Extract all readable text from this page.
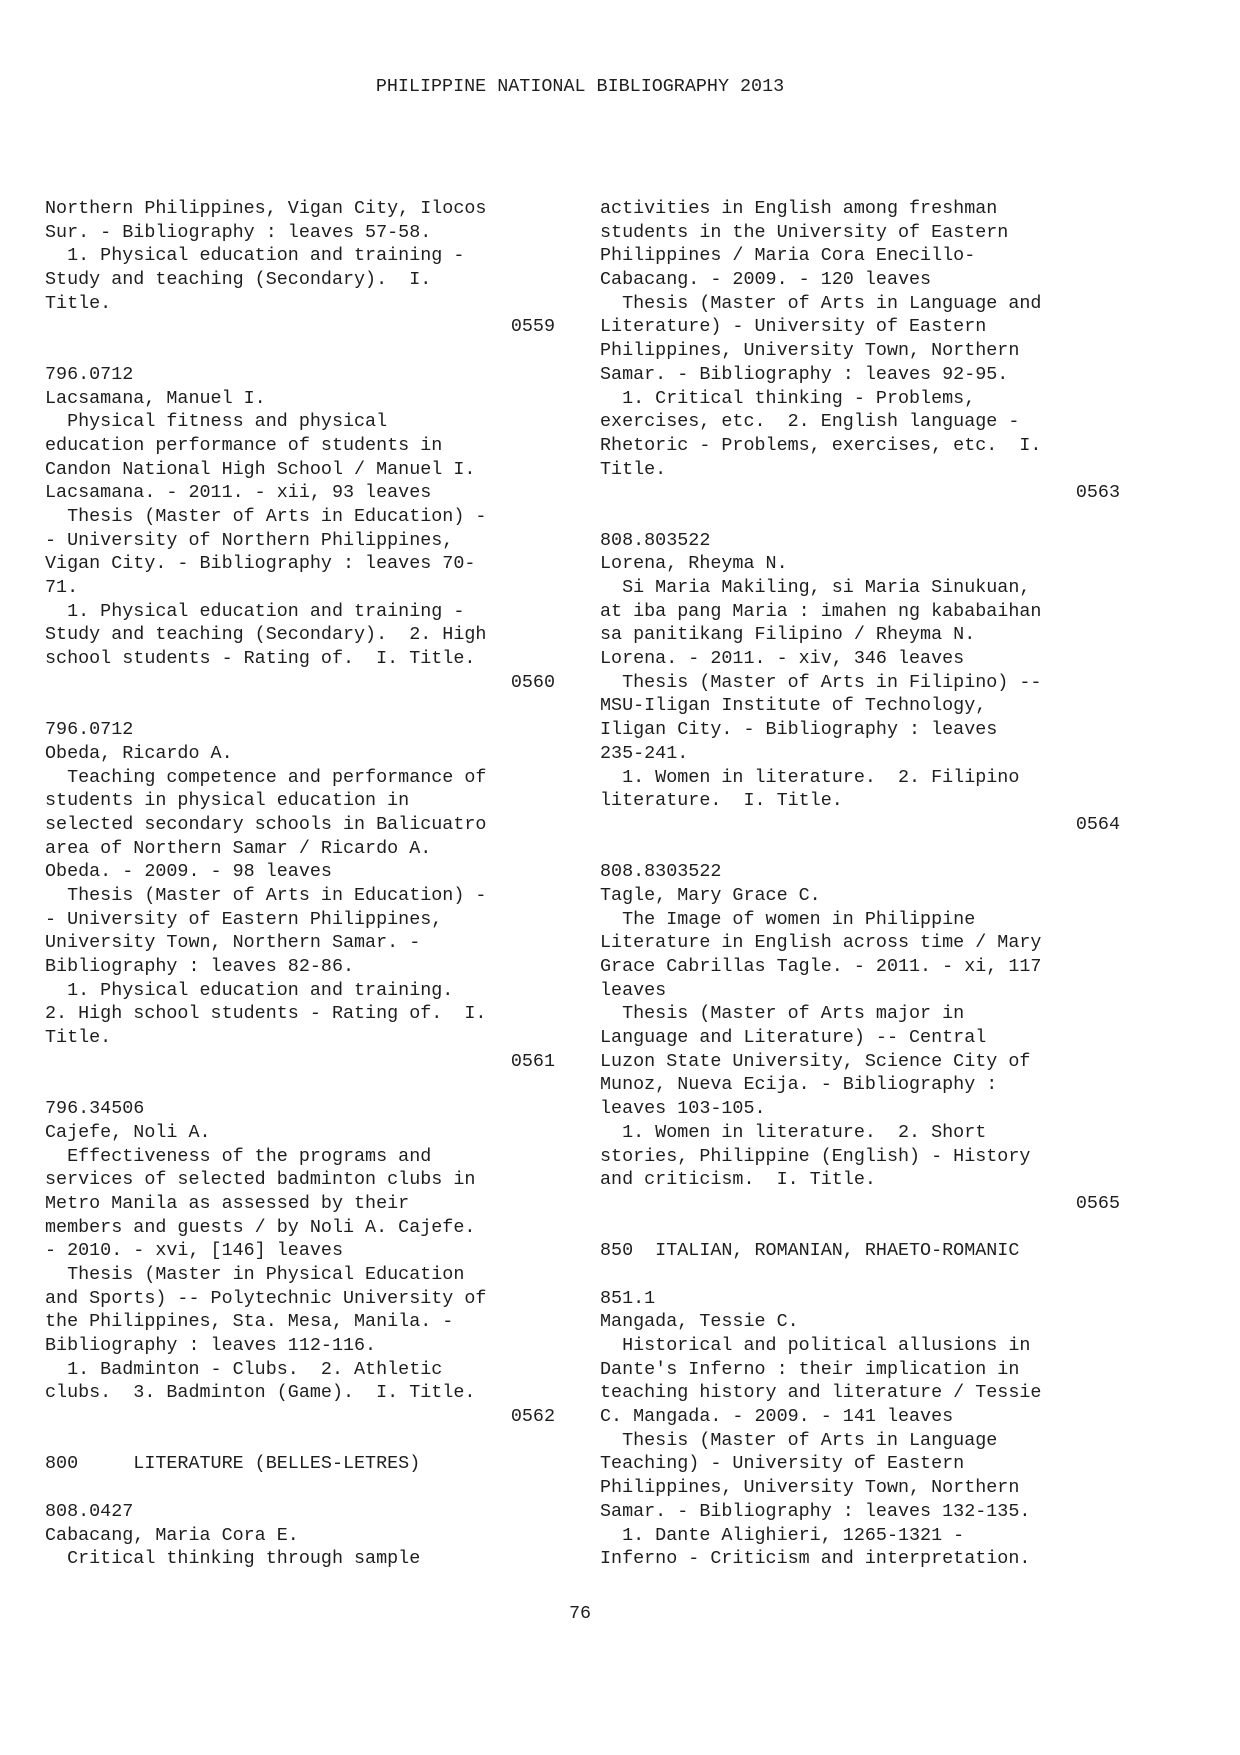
PHILIPPINE NATIONAL BIBLIOGRAPHY 2013
Northern Philippines, Vigan City, Ilocos
Sur. - Bibliography : leaves 57-58.
1. Physical education and training -
Study and teaching (Secondary).  I.
Title.
0559
796.0712
Lacsamana, Manuel I.
Physical fitness and physical
education performance of students in
Candon National High School / Manuel I.
Lacsamana. - 2011. - xii, 93 leaves
Thesis (Master of Arts in Education) -
- University of Northern Philippines,
Vigan City. - Bibliography : leaves 70-
71.
1. Physical education and training -
Study and teaching (Secondary).  2. High
school students - Rating of.  I. Title.
0560
796.0712
Obeda, Ricardo A.
Teaching competence and performance of
students in physical education in
selected secondary schools in Balicuatro
area of Northern Samar / Ricardo A.
Obeda. - 2009. - 98 leaves
Thesis (Master of Arts in Education) -
- University of Eastern Philippines,
University Town, Northern Samar. -
Bibliography : leaves 82-86.
1. Physical education and training.
2. High school students - Rating of.  I.
Title.
0561
796.34506
Cajefe, Noli A.
Effectiveness of the programs and
services of selected badminton clubs in
Metro Manila as assessed by their
members and guests / by Noli A. Cajefe.
- 2010. - xvi, [146] leaves
Thesis (Master in Physical Education
and Sports) -- Polytechnic University of
the Philippines, Sta. Mesa, Manila. -
Bibliography : leaves 112-116.
1. Badminton - Clubs.  2. Athletic
clubs.  3. Badminton (Game).  I. Title.
0562
800     LITERATURE (BELLES-LETRES)
808.0427
Cabacang, Maria Cora E.
Critical thinking through sample
activities in English among freshman
students in the University of Eastern
Philippines / Maria Cora Enecillo-
Cabacang. - 2009. - 120 leaves
Thesis (Master of Arts in Language and
Literature) - University of Eastern
Philippines, University Town, Northern
Samar. - Bibliography : leaves 92-95.
1. Critical thinking - Problems,
exercises, etc.  2. English language -
Rhetoric - Problems, exercises, etc.  I.
Title.
0563
808.803522
Lorena, Rheyma N.
Si Maria Makiling, si Maria Sinukuan,
at iba pang Maria : imahen ng kababaihan
sa panitikang Filipino / Rheyma N.
Lorena. - 2011. - xiv, 346 leaves
Thesis (Master of Arts in Filipino) --
MSU-Iligan Institute of Technology,
Iligan City. - Bibliography : leaves
235-241.
1. Women in literature.  2. Filipino
literature.  I. Title.
0564
808.8303522
Tagle, Mary Grace C.
The Image of women in Philippine
Literature in English across time / Mary
Grace Cabrillas Tagle. - 2011. - xi, 117
leaves
Thesis (Master of Arts major in
Language and Literature) -- Central
Luzon State University, Science City of
Munoz, Nueva Ecija. - Bibliography :
leaves 103-105.
1. Women in literature.  2. Short
stories, Philippine (English) - History
and criticism.  I. Title.
0565
850  ITALIAN, ROMANIAN, RHAETO-ROMANIC
851.1
Mangada, Tessie C.
Historical and political allusions in
Dante's Inferno : their implication in
teaching history and literature / Tessie
C. Mangada. - 2009. - 141 leaves
Thesis (Master of Arts in Language
Teaching) - University of Eastern
Philippines, University Town, Northern
Samar. - Bibliography : leaves 132-135.
1. Dante Alighieri, 1265-1321 -
Inferno - Criticism and interpretation.
76
